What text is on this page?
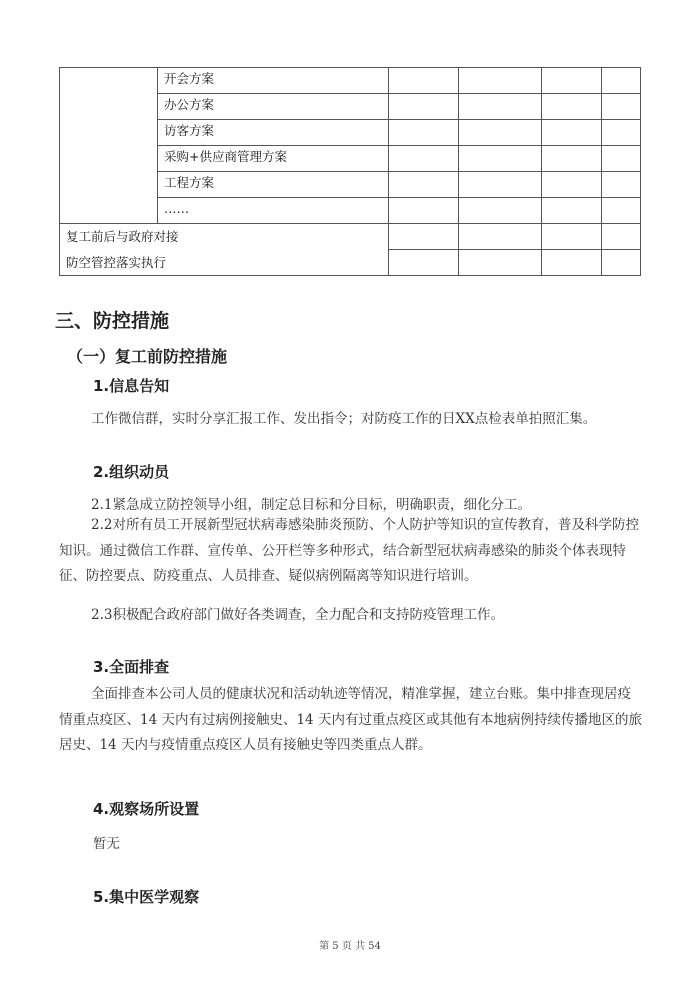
	开会方案				
	办公方案				
	访客方案				
	采购+供应商管理方案				
	工程方案				
	……				

复工前后与政府对接
防空管控落实执行					

三、防控措施
（一）复工前防控措施
1.信息告知
工作微信群，实时分享汇报工作、发出指令；对防疫工作的日XX点检表单拍照汇集。
2.组织动员
2.1紧急成立防控领导小组，制定总目标和分目标，明确职责，细化分工。
2.2对所有员工开展新型冠状病毒感染肺炎预防、个人防护等知识的宣传教育，普及科学防控知识。通过微信工作群、宣传单、公开栏等多种形式，结合新型冠状病毒感染的肺炎个体表现特征、防控要点、防疫重点、人员排查、疑似病例隔离等知识进行培训。
2.3积极配合政府部门做好各类调查，全力配合和支持防疫管理工作。
3.全面排查
全面排查本公司人员的健康状况和活动轨迹等情况，精准掌握，建立台账。集中排查现居疫情重点疫区、14 天内有过病例接触史、14 天内有过重点疫区或其他有本地病例持续传播地区的旅居史、14 天内与疫情重点疫区人员有接触史等四类重点人群。
4.观察场所设置
暂无
5.集中医学观察
第 5 页 共 54
